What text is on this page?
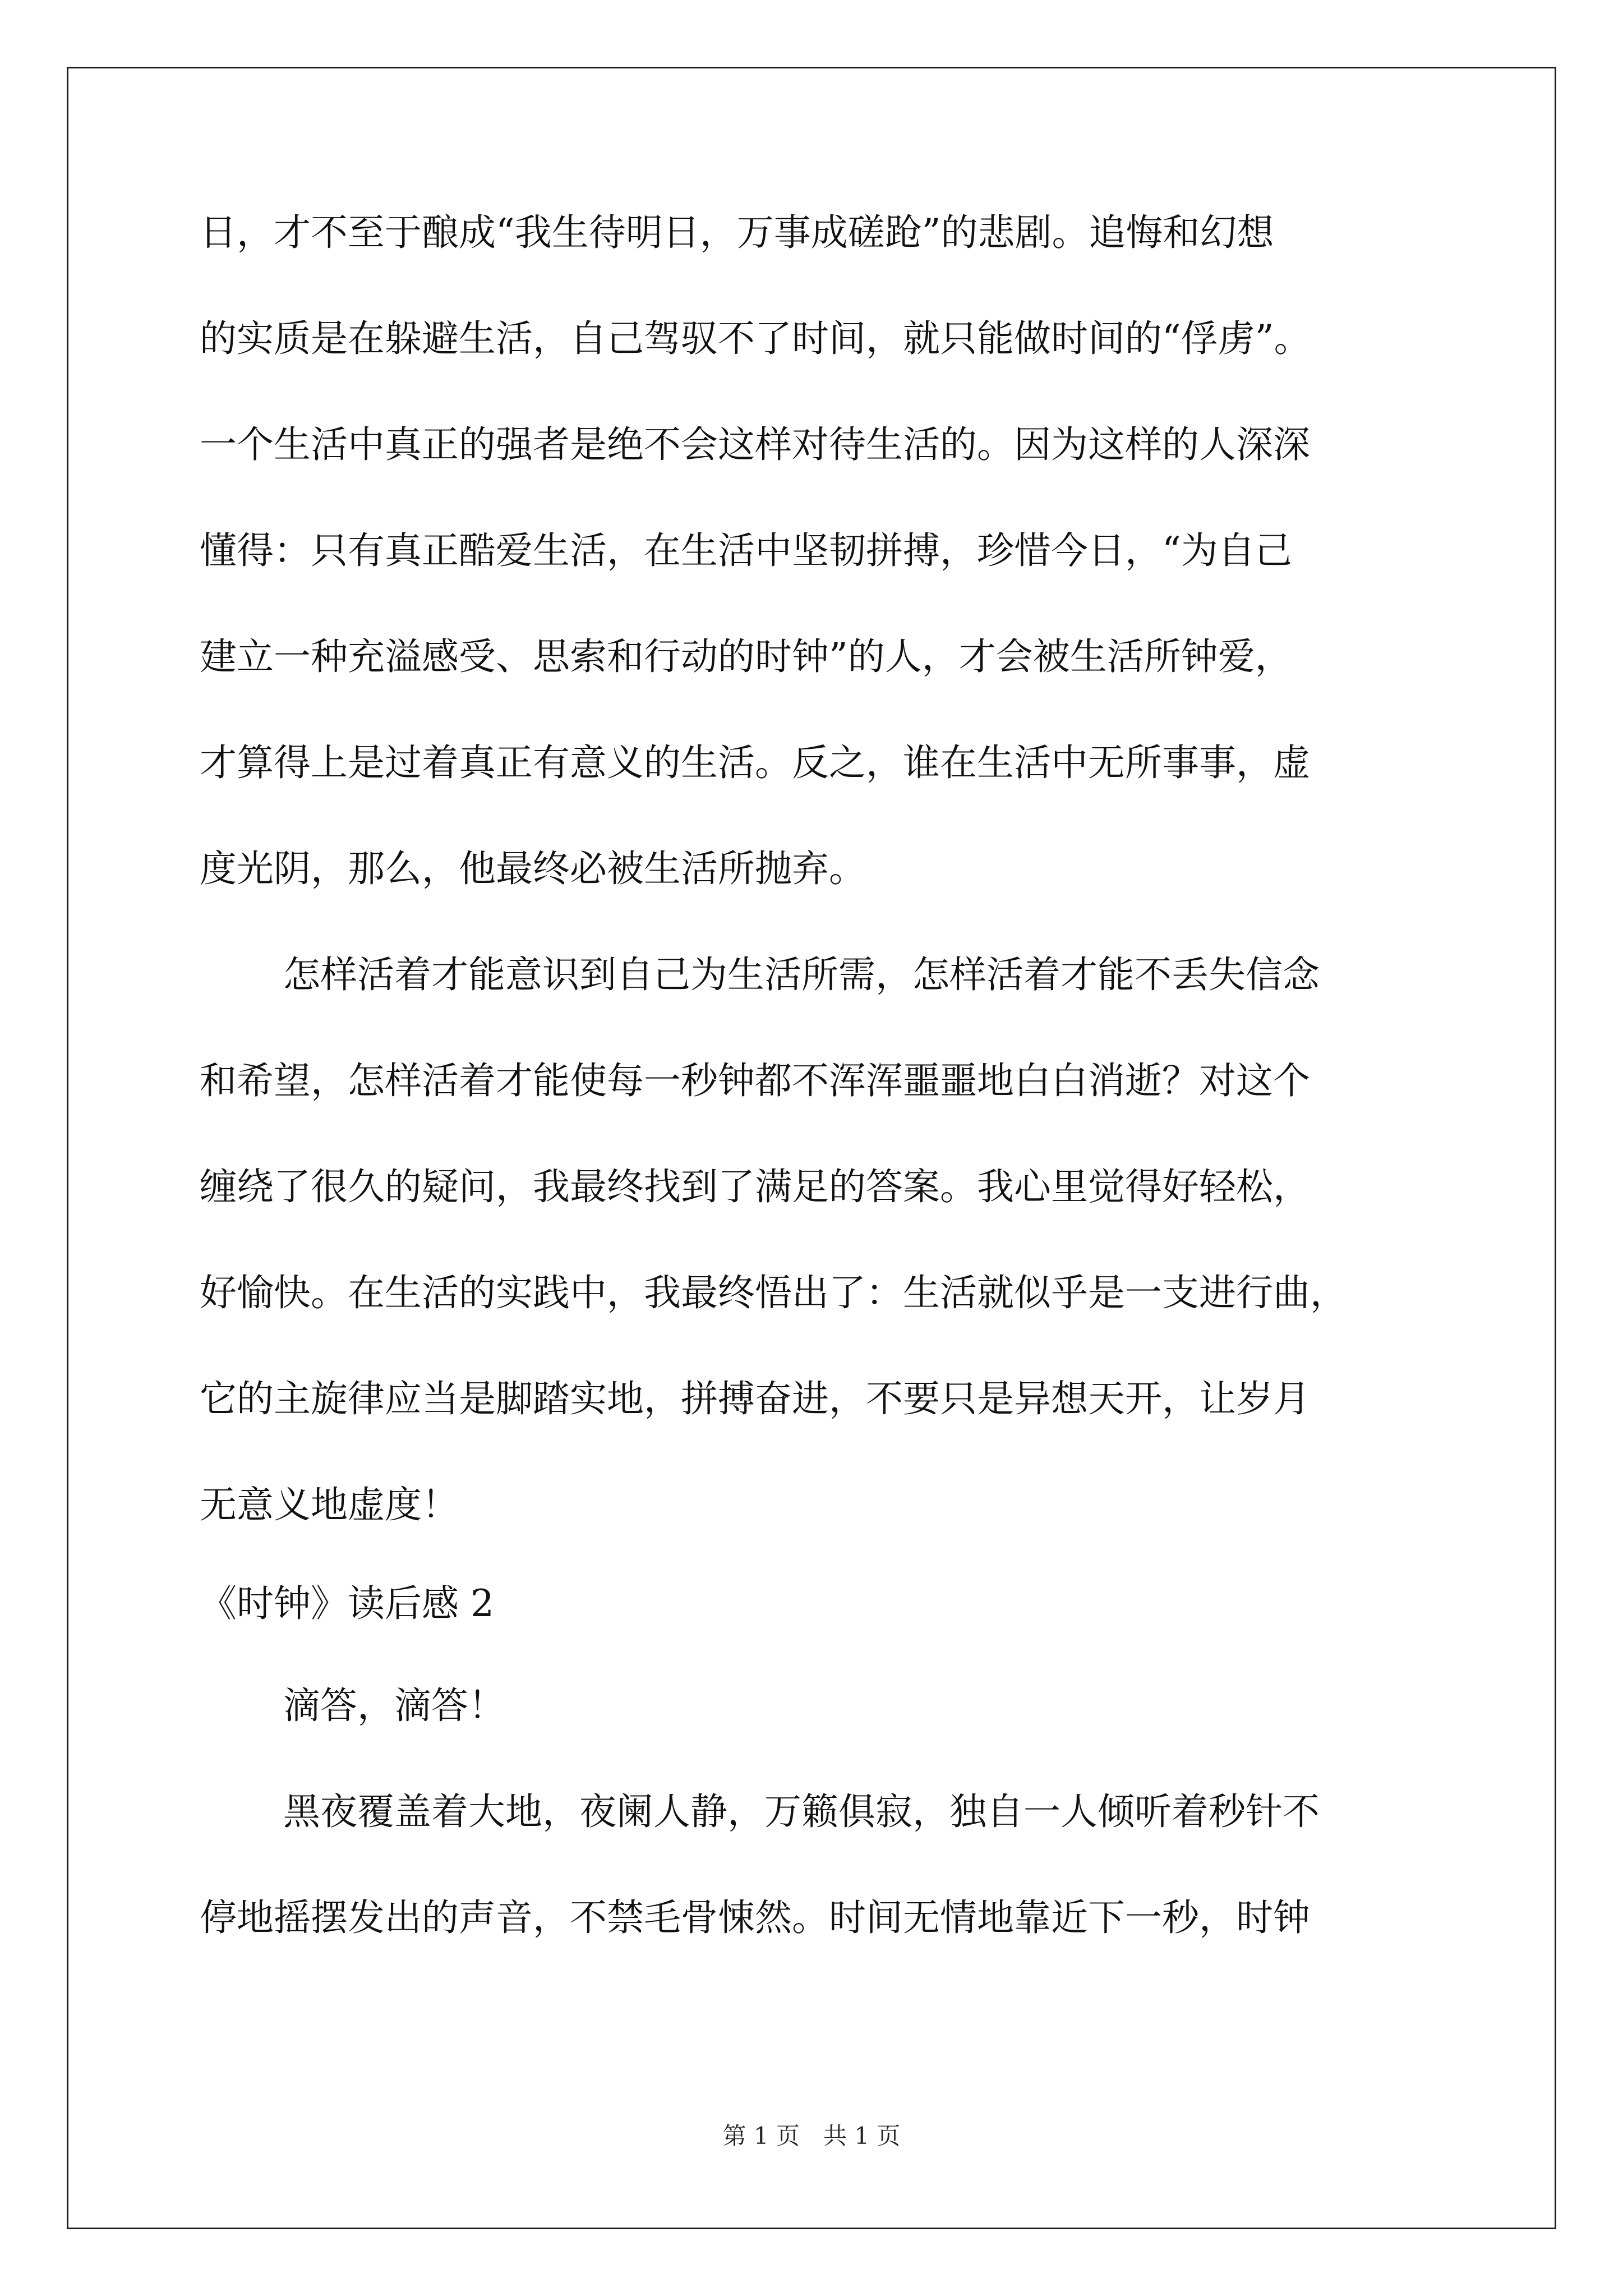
日，才不至于酿成“我生待明日，万事成磋跄”的悲剧。追悔和幻想
的实质是在躲避生活，自己驾驭不了时间，就只能做时间的“俘虏”。
一个生活中真正的强者是绝不会这样对待生活的。因为这样的人深深
懂得：只有真正酷爱生活，在生活中坚韧拼搏，珍惜今日，“为自己
建立一种充溢感受、思索和行动的时钟”的人，才会被生活所钟爱，
才算得上是过着真正有意义的生活。反之，谁在生活中无所事事，虚
度光阴，那么，他最终必被生活所抛弃。
怎样活着才能意识到自己为生活所需，怎样活着才能不丢失信念
和希望，怎样活着才能使每一秒钟都不浑浑噩噩地白白消逝？对这个
缠绕了很久的疑问，我最终找到了满足的答案。我心里觉得好轻松，
好愉快。在生活的实践中，我最终悟出了：生活就似乎是一支进行曲，
它的主旋律应当是脚踏实地，拼搏奋进，不要只是异想天开，让岁月
无意义地虚度！
《时钟》读后感 2
滴答，滴答！
黑夜覆盖着大地，夜阑人静，万籁俱寂，独自一人倾听着秒针不
停地摇摆发出的声音，不禁毛骨悚然。时间无情地靠近下一秒，时钟
第 1 页　共 1 页
